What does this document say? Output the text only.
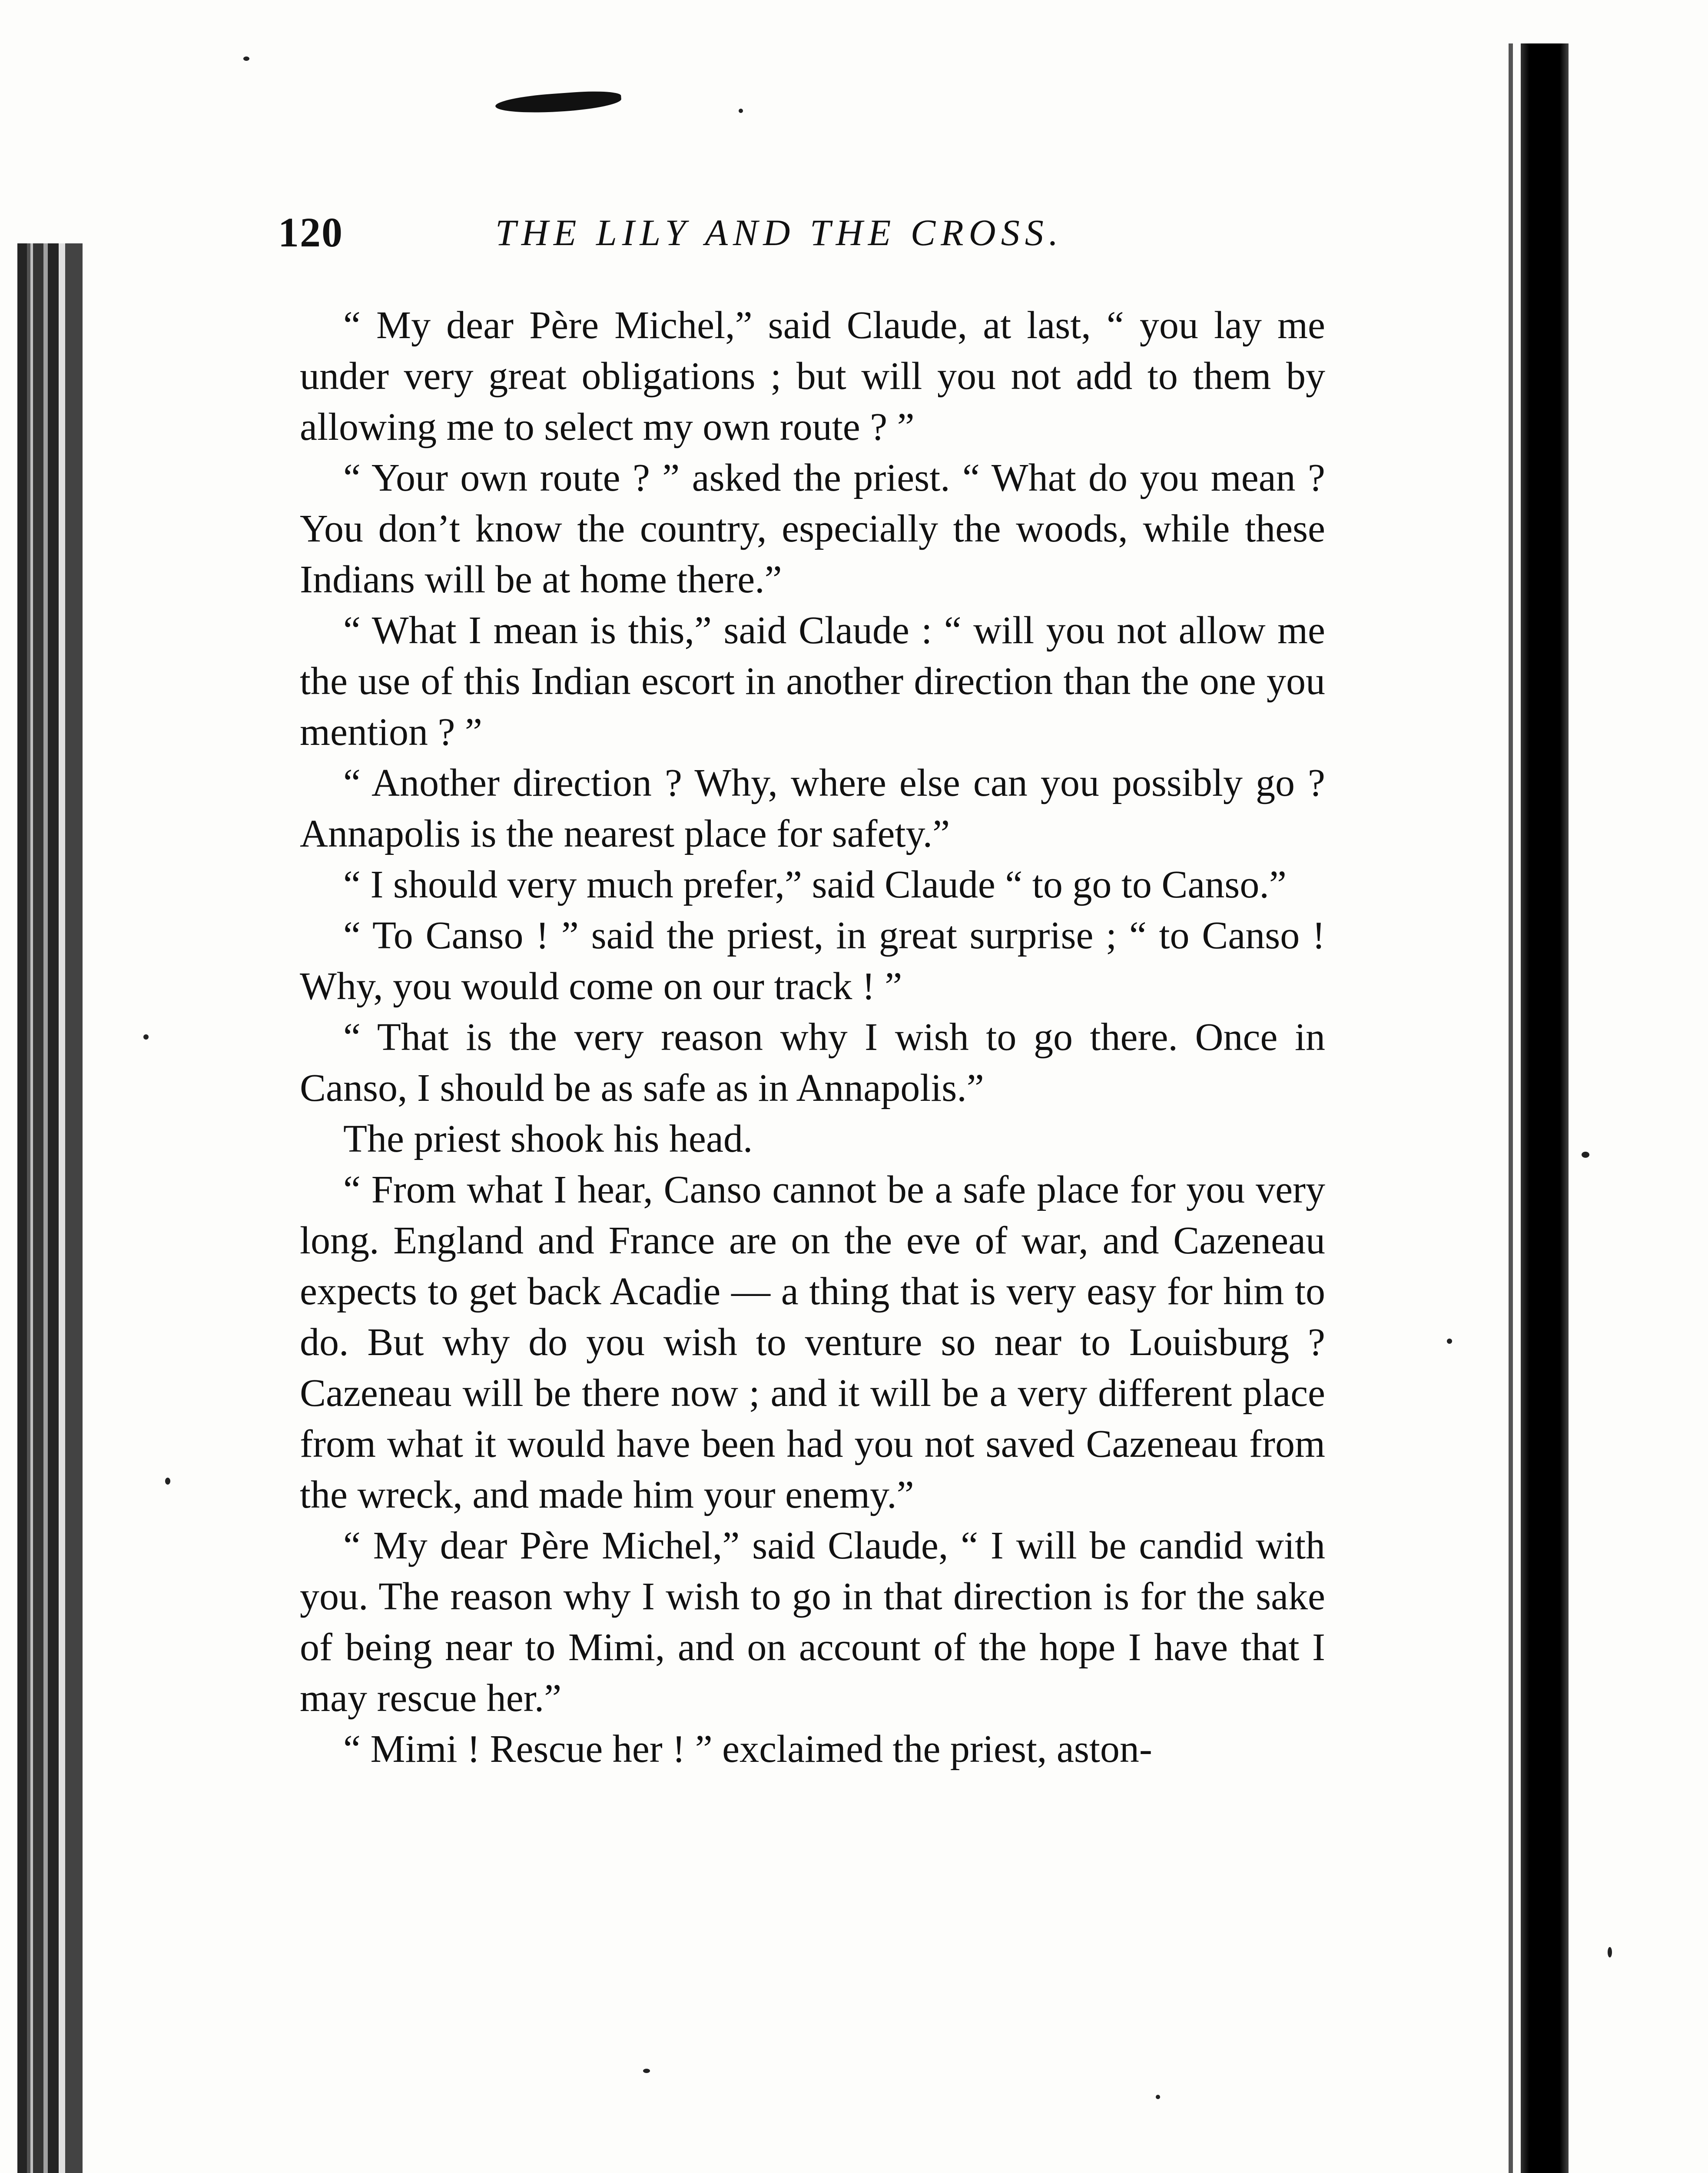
120	THE LILY AND THE CROSS.

“ My dear Père Michel,” said Claude, at last, “ you lay me under very great obligations ; but will you not add to them by allowing me to select my own route ? ”

“ Your own route ? ” asked the priest. “ What do you mean ? You don’t know the country, especially the woods, while these Indians will be at home there.”

“ What I mean is this,” said Claude : “ will you not allow me the use of this Indian escort in another direction than the one you mention ? ”

“ Another direction ? Why, where else can you possibly go ? Annapolis is the nearest place for safety.”

“ I should very much prefer,” said Claude “ to go to Canso.”

“ To Canso ! ” said the priest, in great surprise ; “ to Canso ! Why, you would come on our track ! ”

“ That is the very reason why I wish to go there. Once in Canso, I should be as safe as in Annapolis.”

The priest shook his head.

“ From what I hear, Canso cannot be a safe place for you very long. England and France are on the eve of war, and Cazeneau expects to get back Acadie — a thing that is very easy for him to do. But why do you wish to venture so near to Louisburg ? Cazeneau will be there now ; and it will be a very different place from what it would have been had you not saved Cazeneau from the wreck, and made him your enemy.”

“ My dear Père Michel,” said Claude, “ I will be candid with you. The reason why I wish to go in that direction is for the sake of being near to Mimi, and on account of the hope I have that I may rescue her.”

“ Mimi ! Rescue her ! ” exclaimed the priest, aston-
